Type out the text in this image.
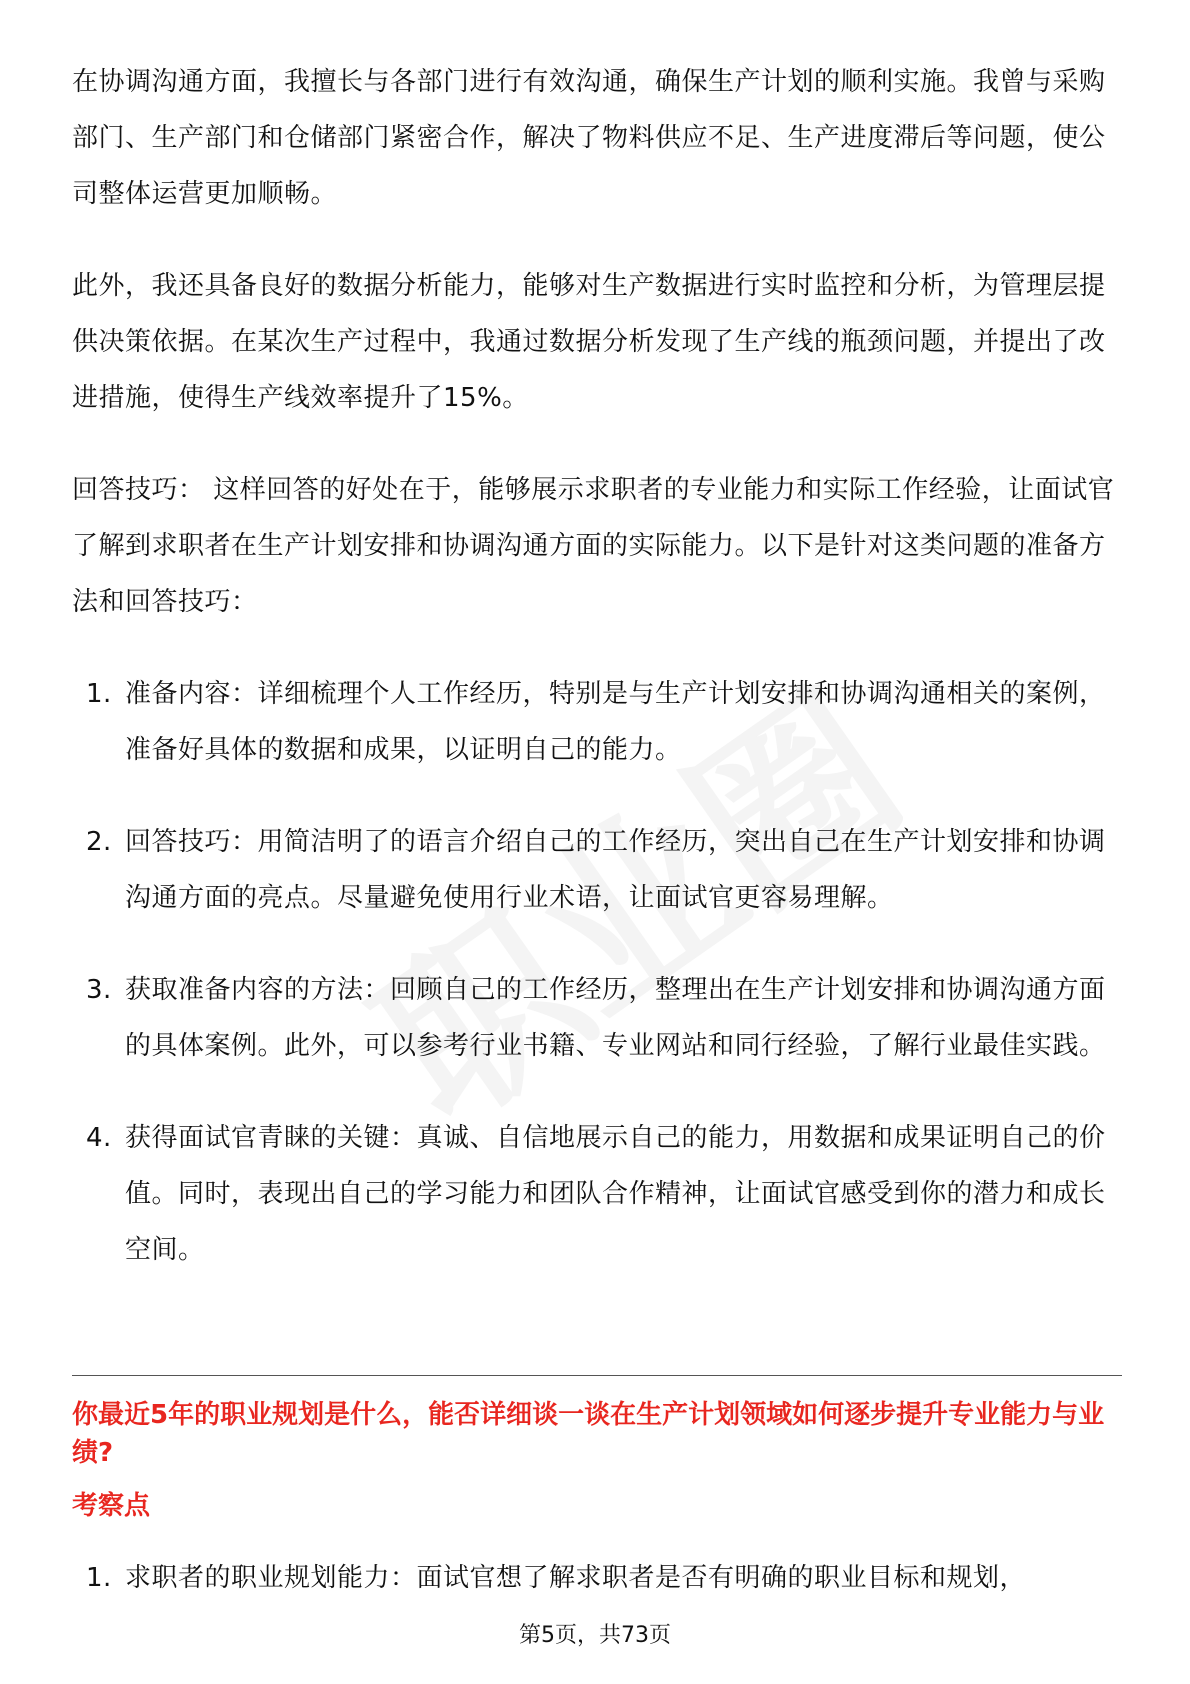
在协调沟通方面，我擅长与各部门进行有效沟通，确保生产计划的顺利实施。我曾与采购部门、生产部门和仓储部门紧密合作，解决了物料供应不足、生产进度滞后等问题，使公司整体运营更加顺畅。

此外，我还具备良好的数据分析能力，能够对生产数据进行实时监控和分析，为管理层提供决策依据。在某次生产过程中，我通过数据分析发现了生产线的瓶颈问题，并提出了改进措施，使得生产线效率提升了15%。

回答技巧： 这样回答的好处在于，能够展示求职者的专业能力和实际工作经验，让面试官了解到求职者在生产计划安排和协调沟通方面的实际能力。以下是针对这类问题的准备方法和回答技巧：

1. 准备内容：详细梳理个人工作经历，特别是与生产计划安排和协调沟通相关的案例，准备好具体的数据和成果，以证明自己的能力。
2. 回答技巧：用简洁明了的语言介绍自己的工作经历，突出自己在生产计划安排和协调沟通方面的亮点。尽量避免使用行业术语，让面试官更容易理解。
3. 获取准备内容的方法：回顾自己的工作经历，整理出在生产计划安排和协调沟通方面的具体案例。此外，可以参考行业书籍、专业网站和同行经验，了解行业最佳实践。
4. 获得面试官青睐的关键：真诚、自信地展示自己的能力，用数据和成果证明自己的价值。同时，表现出自己的学习能力和团队合作精神，让面试官感受到你的潜力和成长空间。
你最近5年的职业规划是什么，能否详细谈一谈在生产计划领域如何逐步提升专业能力与业绩?
考察点
1. 求职者的职业规划能力：面试官想了解求职者是否有明确的职业目标和规划，
第5页，共73页
